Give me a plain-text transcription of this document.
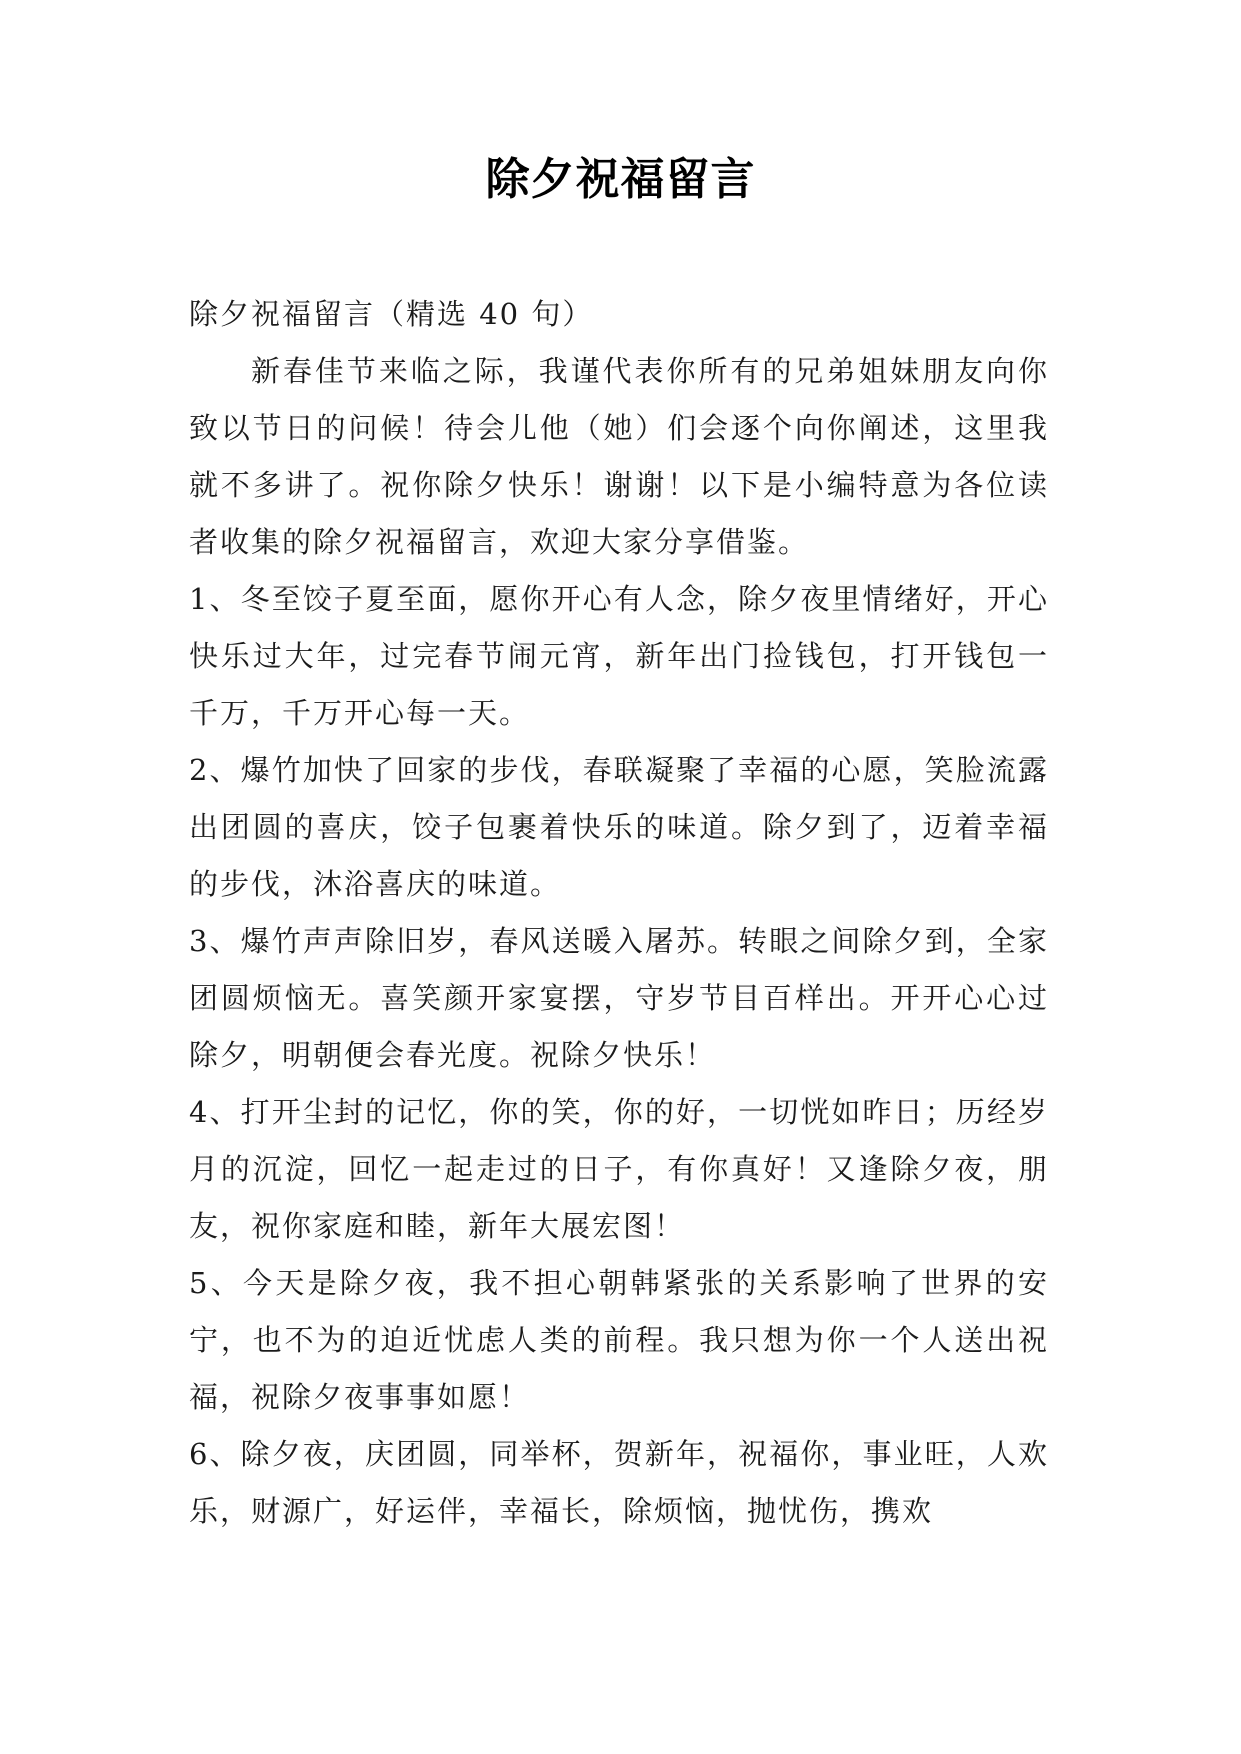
除夕祝福留言

除夕祝福留言（精选 40 句）

新春佳节来临之际，我谨代表你所有的兄弟姐妹朋友向你致以节日的问候！待会儿他（她）们会逐个向你阐述，这里我就不多讲了。祝你除夕快乐！谢谢！以下是小编特意为各位读者收集的除夕祝福留言，欢迎大家分享借鉴。

1、冬至饺子夏至面，愿你开心有人念，除夕夜里情绪好，开心快乐过大年，过完春节闹元宵，新年出门捡钱包，打开钱包一千万，千万开心每一天。

2、爆竹加快了回家的步伐，春联凝聚了幸福的心愿，笑脸流露出团圆的喜庆，饺子包裹着快乐的味道。除夕到了，迈着幸福的步伐，沐浴喜庆的味道。

3、爆竹声声除旧岁，春风送暖入屠苏。转眼之间除夕到，全家团圆烦恼无。喜笑颜开家宴摆，守岁节目百样出。开开心心过除夕，明朝便会春光度。祝除夕快乐！

4、打开尘封的记忆，你的笑，你的好，一切恍如昨日；历经岁月的沉淀，回忆一起走过的日子，有你真好！又逢除夕夜，朋友，祝你家庭和睦，新年大展宏图！

5、今天是除夕夜，我不担心朝韩紧张的关系影响了世界的安宁，也不为的迫近忧虑人类的前程。我只想为你一个人送出祝福，祝除夕夜事事如愿！

6、除夕夜，庆团圆，同举杯，贺新年，祝福你，事业旺，人欢乐，财源广，好运伴，幸福长，除烦恼，抛忧伤，携欢
